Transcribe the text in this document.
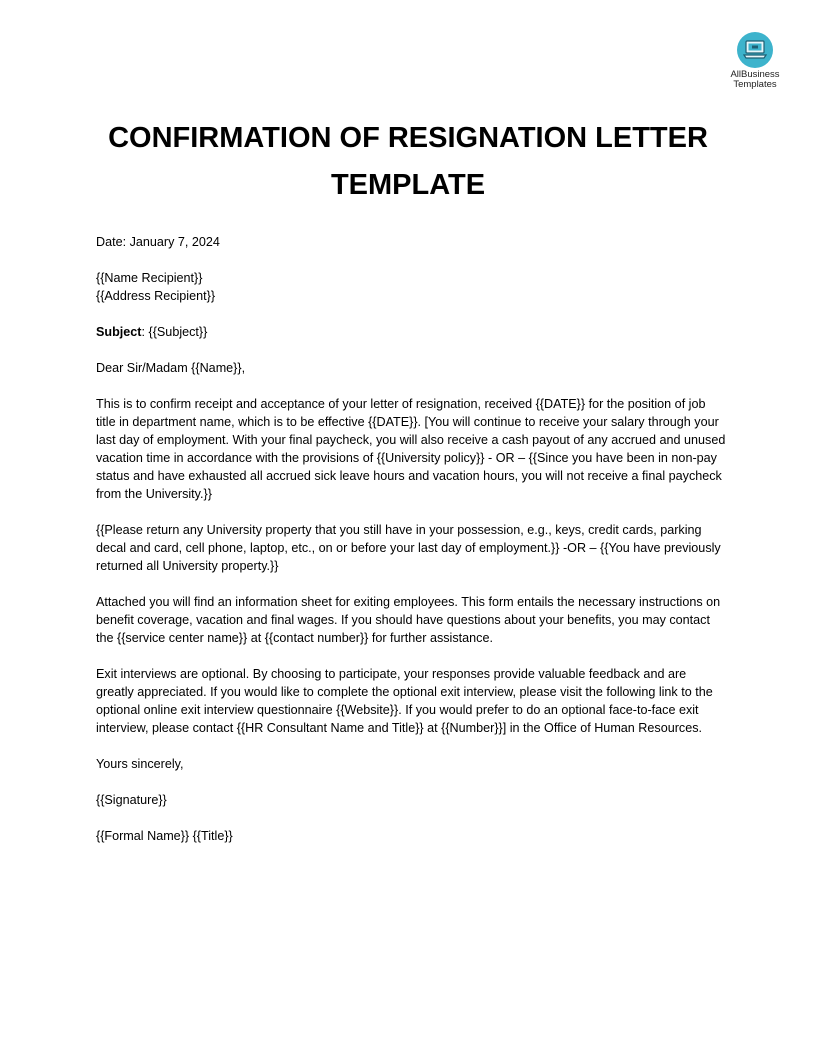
AllBusiness
Templates
CONFIRMATION OF RESIGNATION LETTER TEMPLATE

Date: January 7, 2024

{{Name Recipient}}

{{Address Recipient}}

Subject: {{Subject}}

Dear Sir/Madam {{Name}},

This is to confirm receipt and acceptance of your letter of resignation, received {{DATE}} for the position of job title in department name, which is to be effective {{DATE}}. [You will continue to receive your salary through your last day of employment. With your final paycheck, you will also receive a cash payout of any accrued and unused vacation time in accordance with the provisions of {{University policy}} - OR – {{Since you have been in non-pay status and have exhausted all accrued sick leave hours and vacation hours, you will not receive a final paycheck from the University.}}

{{Please return any University property that you still have in your possession, e.g., keys, credit cards, parking decal and card, cell phone, laptop, etc., on or before your last day of employment.}} -OR – {{You have previously returned all University property.}}

Attached you will find an information sheet for exiting employees. This form entails the necessary instructions on benefit coverage, vacation and final wages. If you should have questions about your benefits, you may contact the {{service center name}} at {{contact number}} for further assistance.

Exit interviews are optional. By choosing to participate, your responses provide valuable feedback and are greatly appreciated. If you would like to complete the optional exit interview, please visit the following link to the optional online exit interview questionnaire {{Website}}. If you would prefer to do an optional face-to-face exit interview, please contact {{HR Consultant Name and Title}} at {{Number}}] in the Office of Human Resources.

Yours sincerely,

{{Signature}}

{{Formal Name}} {{Title}}
